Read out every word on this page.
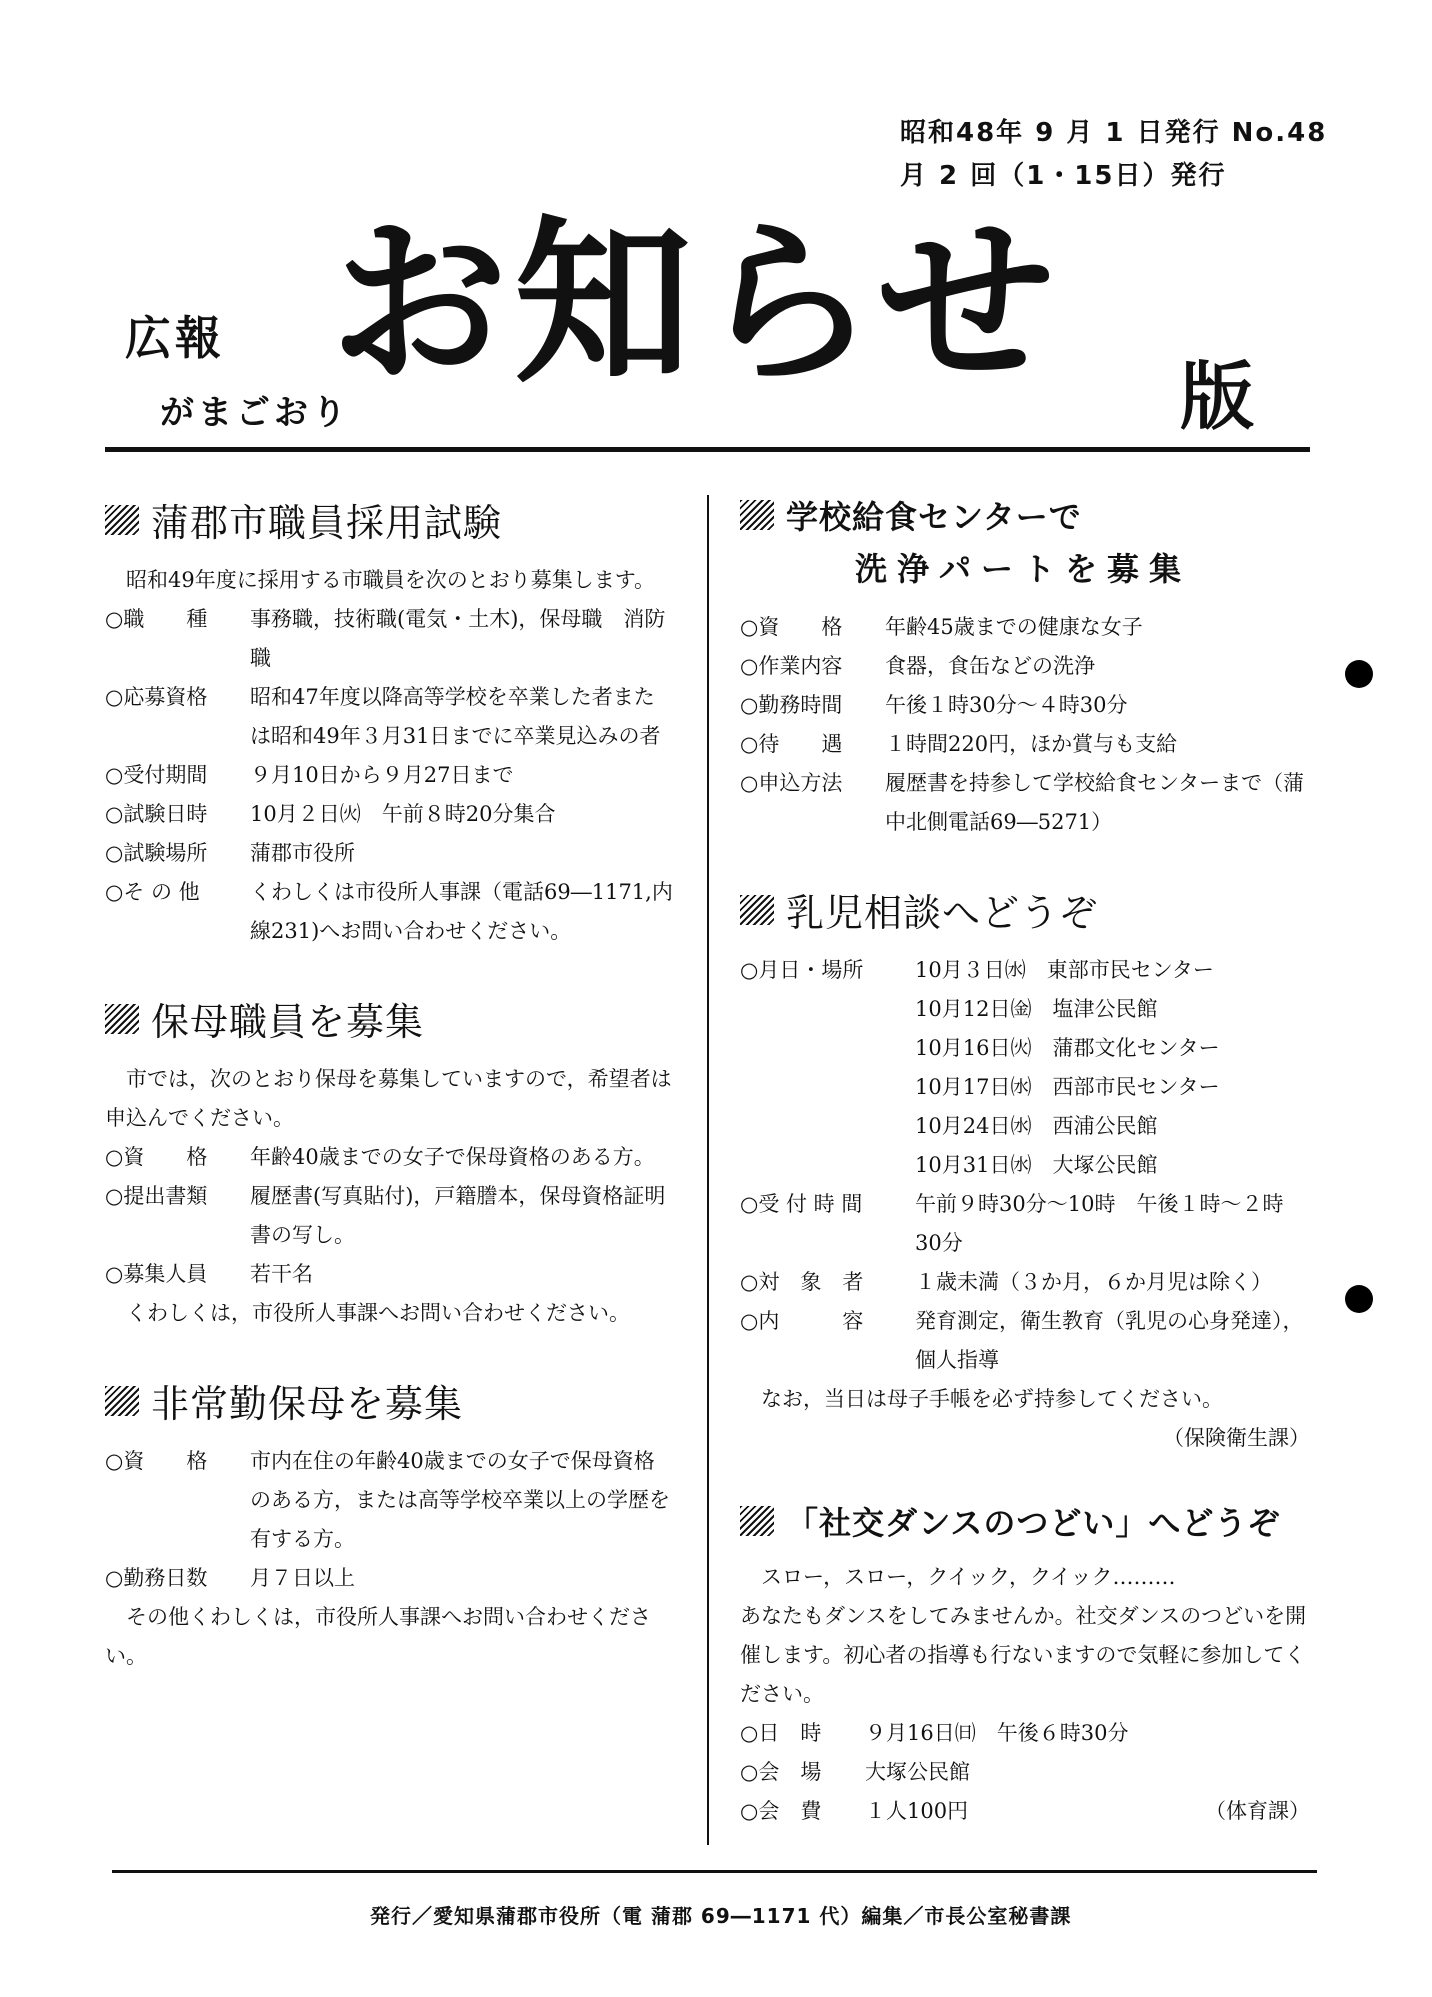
昭和48年 9 月 1 日発行 No.48
月 2 回（1・15日）発行
広報
がまごおり
お知らせ 版
蒲郡市職員採用試験
昭和49年度に採用する市職員を次のとおり募集します。
○職　　種	事務職，技術職(電気・土木)，保母職　消防職
○応募資格	昭和47年度以降高等学校を卒業した者または昭和49年３月31日までに卒業見込みの者
○受付期間	９月10日から９月27日まで
○試験日時	10月２日㈫　午前８時20分集合
○試験場所	蒲郡市役所
○そ の 他	くわしくは市役所人事課（電話69―1171,内線231)へお問い合わせください。
保母職員を募集
市では，次のとおり保母を募集していますので，希望者は申込んでください。
○資　　格	年齢40歳までの女子で保母資格のある方。
○提出書類	履歴書(写真貼付)，戸籍謄本，保母資格証明書の写し。
○募集人員	若干名
くわしくは，市役所人事課へお問い合わせください。
非常勤保母を募集
○資　　格	市内在住の年齢40歳までの女子で保母資格のある方，または高等学校卒業以上の学歴を有する方。
○勤務日数	月７日以上
その他くわしくは，市役所人事課へお問い合わせください。
学校給食センターで
洗浄パートを募集
○資　　格	年齢45歳までの健康な女子
○作業内容	食器，食缶などの洗浄
○勤務時間	午後１時30分～４時30分
○待　　遇	１時間220円，ほか賞与も支給
○申込方法	履歴書を持参して学校給食センターまで（蒲中北側電話69―5271）
乳児相談へどうぞ
○月日・場所	10月３日㈬　東部市民センター
10月12日㈮　塩津公民館
10月16日㈫　蒲郡文化センター
10月17日㈬　西部市民センター
10月24日㈬　西浦公民館
10月31日㈬　大塚公民館
○受 付 時 間	午前９時30分～10時　午後１時～２時30分
○対　象　者	１歳未満（３か月，６か月児は除く）
○内　　　容	発育測定，衛生教育（乳児の心身発達），個人指導
なお，当日は母子手帳を必ず持参してください。
（保険衛生課）
「社交ダンスのつどい」へどうぞ
スロー，スロー，クイック，クイック………
あなたもダンスをしてみませんか。社交ダンスのつどいを開催します。初心者の指導も行ないますので気軽に参加してください。
○日　時	９月16日㈰　午後６時30分
○会　場	大塚公民館
○会　費	１人100円	（体育課）
発行／愛知県蒲郡市役所（電 蒲郡 69―1171 代）編集／市長公室秘書課
